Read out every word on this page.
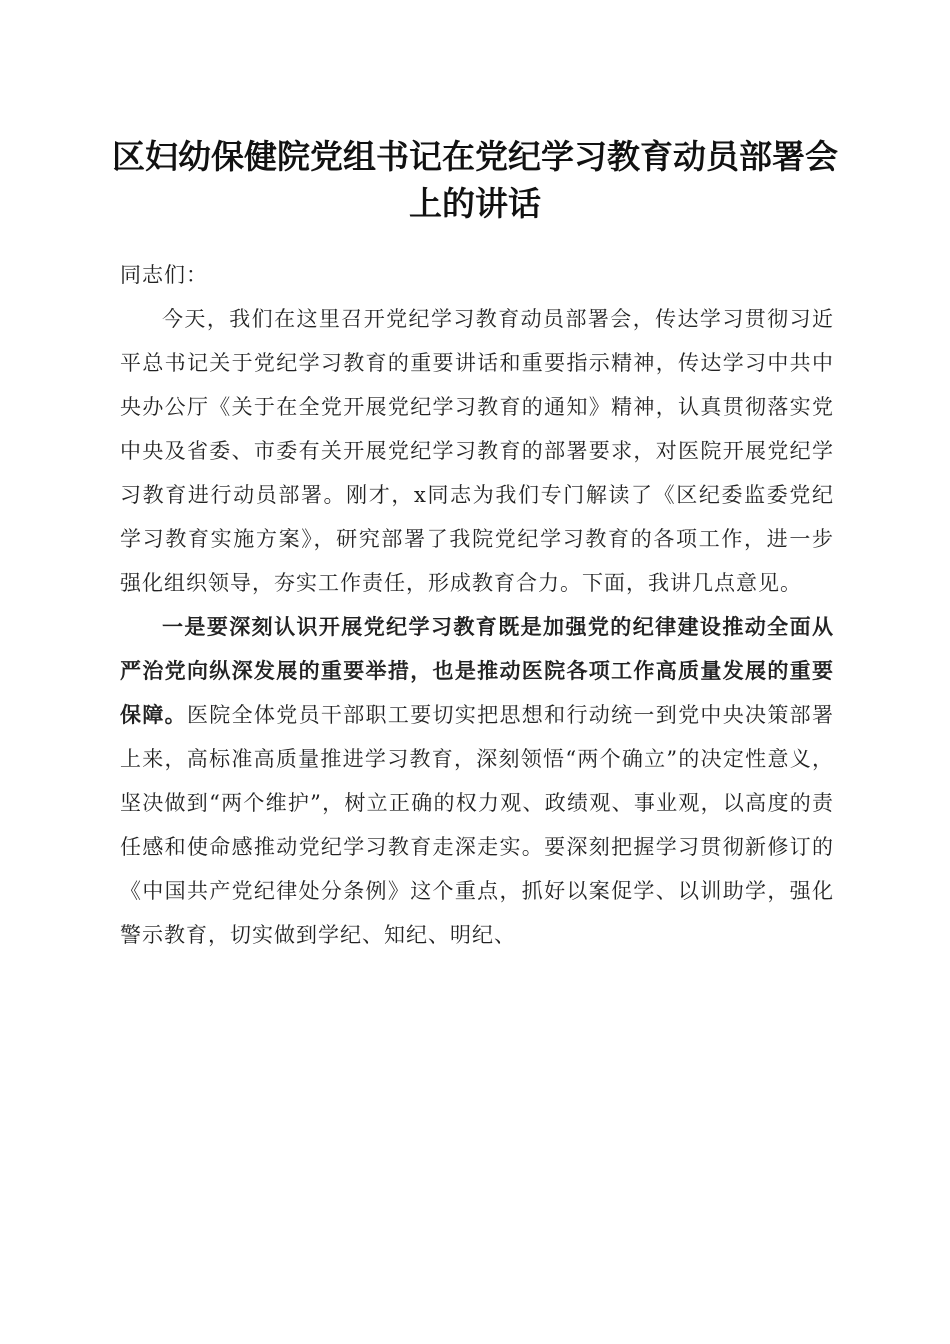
区妇幼保健院党组书记在党纪学习教育动员部署会上的讲话

同志们：

今天，我们在这里召开党纪学习教育动员部署会，传达学习贯彻习近平总书记关于党纪学习教育的重要讲话和重要指示精神，传达学习中共中央办公厅《关于在全党开展党纪学习教育的通知》精神，认真贯彻落实党中央及省委、市委有关开展党纪学习教育的部署要求，对医院开展党纪学习教育进行动员部署。刚才，x同志为我们专门解读了《区纪委监委党纪学习教育实施方案》，研究部署了我院党纪学习教育的各项工作，进一步强化组织领导，夯实工作责任，形成教育合力。下面，我讲几点意见。

一是要深刻认识开展党纪学习教育既是加强党的纪律建设推动全面从严治党向纵深发展的重要举措，也是推动医院各项工作高质量发展的重要保障。医院全体党员干部职工要切实把思想和行动统一到党中央决策部署上来，高标准高质量推进学习教育，深刻领悟“两个确立”的决定性意义，坚决做到“两个维护”，树立正确的权力观、政绩观、事业观，以高度的责任感和使命感推动党纪学习教育走深走实。要深刻把握学习贯彻新修订的《中国共产党纪律处分条例》这个重点，抓好以案促学、以训助学，强化警示教育，切实做到学纪、知纪、明纪、
